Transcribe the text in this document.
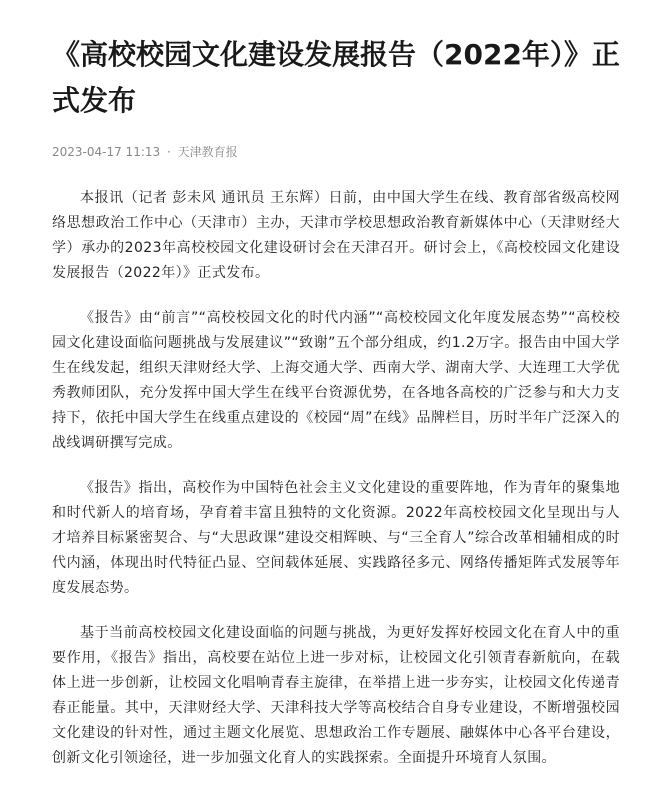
《高校校园文化建设发展报告（2022年）》正式发布
2023-04-17 11:13 · 天津教育报

本报讯（记者 彭未风 通讯员 王东辉）日前，由中国大学生在线、教育部省级高校网络思想政治工作中心（天津市）主办，天津市学校思想政治教育新媒体中心（天津财经大学）承办的2023年高校校园文化建设研讨会在天津召开。研讨会上，《高校校园文化建设发展报告（2022年）》正式发布。

《报告》由“前言”“高校校园文化的时代内涵”“高校校园文化年度发展态势”“高校校园文化建设面临问题挑战与发展建议”“致谢”五个部分组成，约1.2万字。报告由中国大学生在线发起，组织天津财经大学、上海交通大学、西南大学、湖南大学、大连理工大学优秀教师团队，充分发挥中国大学生在线平台资源优势，在各地各高校的广泛参与和大力支持下，依托中国大学生在线重点建设的《校园“周”在线》品牌栏目，历时半年广泛深入的战线调研撰写完成。

《报告》指出，高校作为中国特色社会主义文化建设的重要阵地，作为青年的聚集地和时代新人的培育场，孕育着丰富且独特的文化资源。2022年高校校园文化呈现出与人才培养目标紧密契合、与“大思政课”建设交相辉映、与“三全育人”综合改革相辅相成的时代内涵，体现出时代特征凸显、空间载体延展、实践路径多元、网络传播矩阵式发展等年度发展态势。

基于当前高校校园文化建设面临的问题与挑战，为更好发挥好校园文化在育人中的重要作用，《报告》指出，高校要在站位上进一步对标，让校园文化引领青春新航向，在载体上进一步创新，让校园文化唱响青春主旋律，在举措上进一步夯实，让校园文化传递青春正能量。其中，天津财经大学、天津科技大学等高校结合自身专业建设，不断增强校园文化建设的针对性，通过主题文化展览、思想政治工作专题展、融媒体中心各平台建设，创新文化引领途径，进一步加强文化育人的实践探索。全面提升环境育人氛围。
